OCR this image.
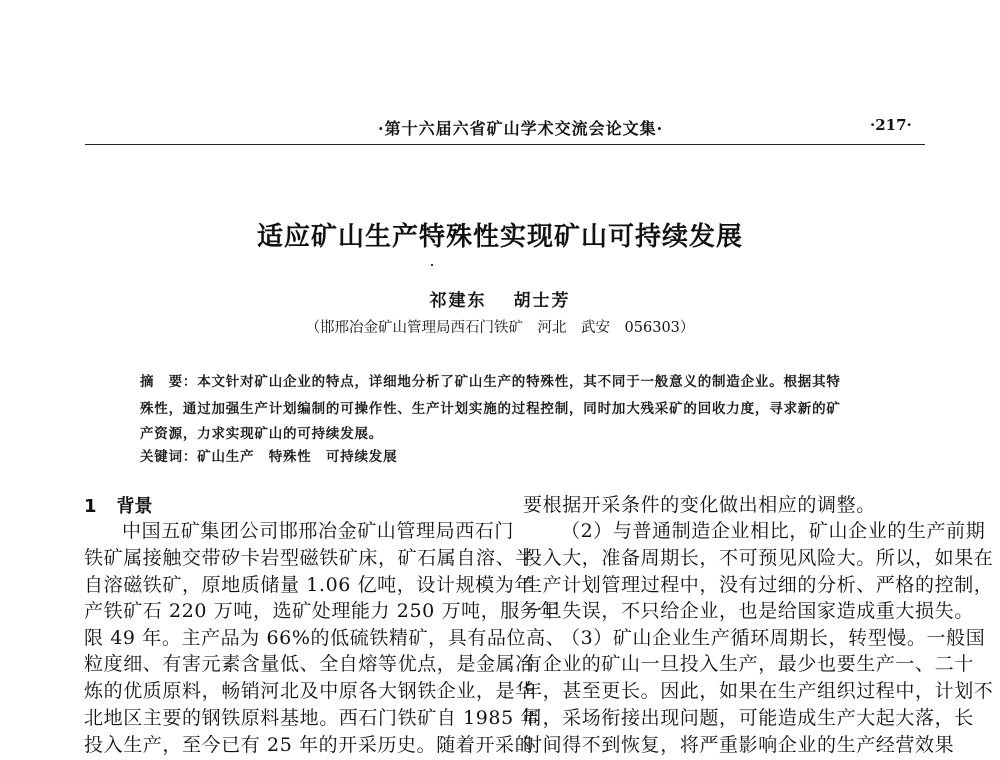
·第十六届六省矿山学术交流会论文集·	·217·
适应矿山生产特殊性实现矿山可持续发展
祁建东　 胡士芳
（邯邢冶金矿山管理局西石门铁矿　河北　武安　056303）
摘　要：本文针对矿山企业的特点，详细地分析了矿山生产的特殊性，其不同于一般意义的制造企业。根据其特
殊性，通过加强生产计划编制的可操作性、生产计划实施的过程控制，同时加大残采矿的回收力度，寻求新的矿
产资源，力求实现矿山的可持续发展。
关键词：矿山生产　特殊性　可持续发展
1 背景
中国五矿集团公司邯邢冶金矿山管理局西石门
铁矿属接触交带矽卡岩型磁铁矿床，矿石属自溶、半
自溶磁铁矿，原地质储量 1.06 亿吨，设计规模为年
产铁矿石 220 万吨，选矿处理能力 250 万吨，服务年
限 49 年。主产品为 66%的低硫铁精矿，具有品位高、
粒度细、有害元素含量低、全自熔等优点，是金属冶
炼的优质原料，畅销河北及中原各大钢铁企业，是华
北地区主要的钢铁原料基地。西石门铁矿自 1985 年
投入生产，至今已有 25 年的开采历史。随着开采的
要根据开采条件的变化做出相应的调整。
（2）与普通制造企业相比，矿山企业的生产前期
投入大，准备周期长，不可预见风险大。所以，如果在
生产计划管理过程中，没有过细的分析、严格的控制，
一旦失误，不只给企业，也是给国家造成重大损失。
（3）矿山企业生产循环周期长，转型慢。一般国
有企业的矿山一旦投入生产，最少也要生产一、二十
年，甚至更长。因此，如果在生产组织过程中，计划不
周，采场衔接出现问题，可能造成生产大起大落，长
时间得不到恢复，将严重影响企业的生产经营效果
